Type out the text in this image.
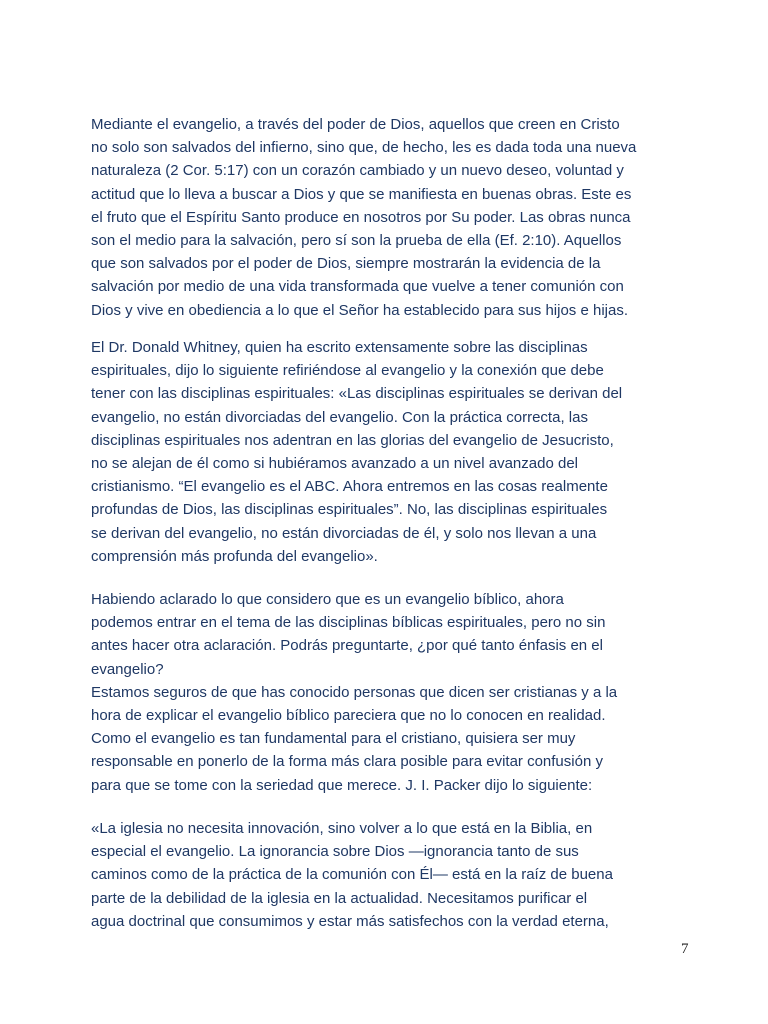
Mediante el evangelio, a través del poder de Dios, aquellos que creen en Cristo
no solo son salvados del infierno, sino que, de hecho, les es dada toda una nueva
naturaleza (2 Cor. 5:17) con un corazón cambiado y un nuevo deseo, voluntad y
actitud que lo lleva a buscar a Dios y que se manifiesta en buenas obras. Este es
el fruto que el Espíritu Santo produce en nosotros por Su poder. Las obras nunca
son el medio para la salvación, pero sí son la prueba de ella (Ef. 2:10). Aquellos
que son salvados por el poder de Dios, siempre mostrarán la evidencia de la
salvación por medio de una vida transformada que vuelve a tener comunión con
Dios y vive en obediencia a lo que el Señor ha establecido para sus hijos e hijas.
El Dr. Donald Whitney, quien ha escrito extensamente sobre las disciplinas
espirituales, dijo lo siguiente refiriéndose al evangelio y la conexión que debe
tener con las disciplinas espirituales: «Las disciplinas espirituales se derivan del
evangelio, no están divorciadas del evangelio. Con la práctica correcta, las
disciplinas espirituales nos adentran en las glorias del evangelio de Jesucristo,
no se alejan de él como si hubiéramos avanzado a un nivel avanzado del
cristianismo. “El evangelio es el ABC. Ahora entremos en las cosas realmente
profundas de Dios, las disciplinas espirituales”. No, las disciplinas espirituales
se derivan del evangelio, no están divorciadas de él, y solo nos llevan a una
comprensión más profunda del evangelio».
Habiendo aclarado lo que considero que es un evangelio bíblico, ahora
podemos entrar en el tema de las disciplinas bíblicas espirituales, pero no sin
antes hacer otra aclaración. Podrás preguntarte, ¿por qué tanto énfasis en el
evangelio?
Estamos seguros de que has conocido personas que dicen ser cristianas y a la
hora de explicar el evangelio bíblico pareciera que no lo conocen en realidad.
Como el evangelio es tan fundamental para el cristiano, quisiera ser muy
responsable en ponerlo de la forma más clara posible para evitar confusión y
para que se tome con la seriedad que merece. J. I. Packer dijo lo siguiente:
«La iglesia no necesita innovación, sino volver a lo que está en la Biblia, en
especial el evangelio. La ignorancia sobre Dios —ignorancia tanto de sus
caminos como de la práctica de la comunión con Él— está en la raíz de buena
parte de la debilidad de la iglesia en la actualidad. Necesitamos purificar el
agua doctrinal que consumimos y estar más satisfechos con la verdad eterna,
7
